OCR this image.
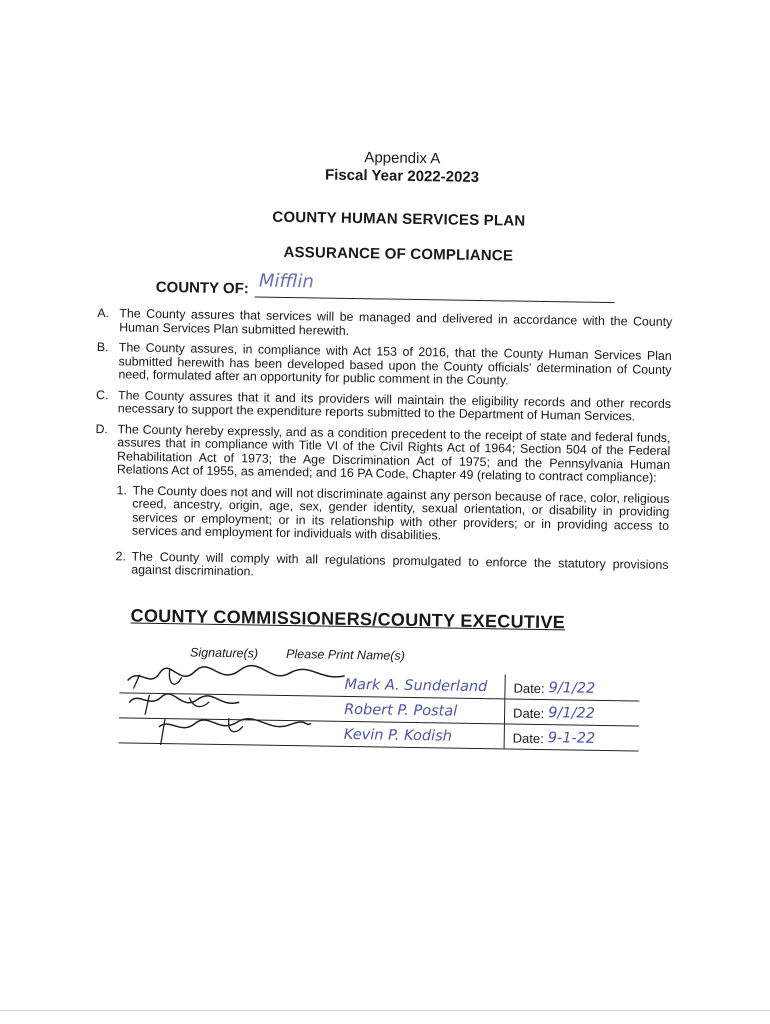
Appendix A
Fiscal Year 2022-2023
COUNTY HUMAN SERVICES PLAN
ASSURANCE OF COMPLIANCE
COUNTY OF: Mifflin
A. The County assures that services will be managed and delivered in accordance with the County Human Services Plan submitted herewith.
B. The County assures, in compliance with Act 153 of 2016, that the County Human Services Plan submitted herewith has been developed based upon the County officials' determination of County need, formulated after an opportunity for public comment in the County.
C. The County assures that it and its providers will maintain the eligibility records and other records necessary to support the expenditure reports submitted to the Department of Human Services.
D. The County hereby expressly, and as a condition precedent to the receipt of state and federal funds, assures that in compliance with Title VI of the Civil Rights Act of 1964; Section 504 of the Federal Rehabilitation Act of 1973; the Age Discrimination Act of 1975; and the Pennsylvania Human Relations Act of 1955, as amended; and 16 PA Code, Chapter 49 (relating to contract compliance):
1. The County does not and will not discriminate against any person because of race, color, religious creed, ancestry, origin, age, sex, gender identity, sexual orientation, or disability in providing services or employment; or in its relationship with other providers; or in providing access to services and employment for individuals with disabilities.
2. The County will comply with all regulations promulgated to enforce the statutory provisions against discrimination.
COUNTY COMMISSIONERS/COUNTY EXECUTIVE
Signature(s) Please Print Name(s)
Mark A. Sunderland	Date: 9/1/22
Robert P. Postal	Date: 9/1/22
Kevin P. Kodish	Date: 9-1-22
